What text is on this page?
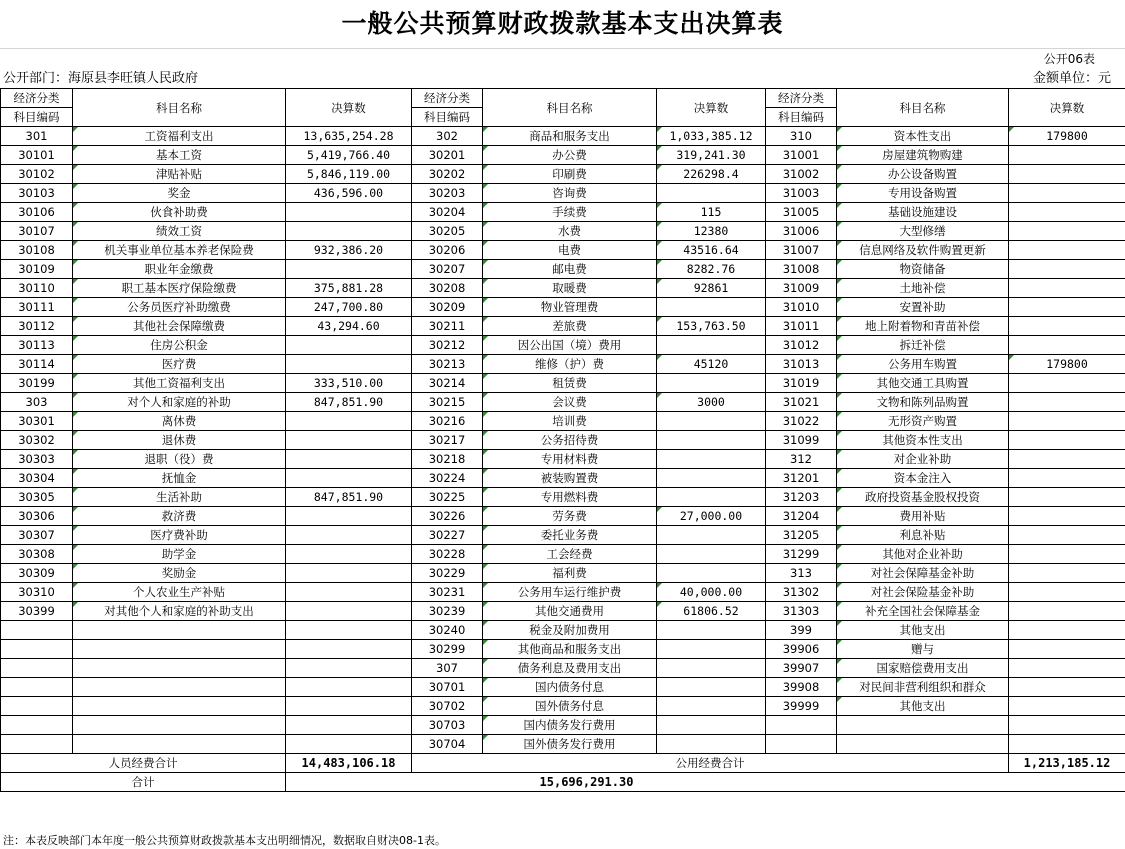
一般公共预算财政拨款基本支出决算表
公开06表
公开部门：海原县李旺镇人民政府	金额单位：元
经济分类	科目名称	决算数	经济分类	科目名称	决算数	经济分类	科目名称	决算数
科目编码			科目编码			科目编码		
301	工资福利支出	13,635,254.28	302	商品和服务支出	1,033,385.12	310	资本性支出	179800
30101	基本工资	5,419,766.40	30201	办公费	319,241.30	31001	房屋建筑物购建	
30102	津贴补贴	5,846,119.00	30202	印刷费	226298.4	31002	办公设备购置	
30103	奖金	436,596.00	30203	咨询费		31003	专用设备购置	
30106	伙食补助费		30204	手续费	115	31005	基础设施建设	
30107	绩效工资		30205	水费	12380	31006	大型修缮	
30108	机关事业单位基本养老保险费	932,386.20	30206	电费	43516.64	31007	信息网络及软件购置更新	
30109	职业年金缴费		30207	邮电费	8282.76	31008	物资储备	
30110	职工基本医疗保险缴费	375,881.28	30208	取暖费	92861	31009	土地补偿	
30111	公务员医疗补助缴费	247,700.80	30209	物业管理费		31010	安置补助	
30112	其他社会保障缴费	43,294.60	30211	差旅费	153,763.50	31011	地上附着物和青苗补偿	
30113	住房公积金		30212	因公出国（境）费用		31012	拆迁补偿	
30114	医疗费		30213	维修（护）费	45120	31013	公务用车购置	179800
30199	其他工资福利支出	333,510.00	30214	租赁费		31019	其他交通工具购置	
303	对个人和家庭的补助	847,851.90	30215	会议费	3000	31021	文物和陈列品购置	
30301	离休费		30216	培训费		31022	无形资产购置	
30302	退休费		30217	公务招待费		31099	其他资本性支出	
30303	退职（役）费		30218	专用材料费		312	对企业补助	
30304	抚恤金		30224	被装购置费		31201	资本金注入	
30305	生活补助	847,851.90	30225	专用燃料费		31203	政府投资基金股权投资	
30306	救济费		30226	劳务费	27,000.00	31204	费用补贴	
30307	医疗费补助		30227	委托业务费		31205	利息补贴	
30308	助学金		30228	工会经费		31299	其他对企业补助	
30309	奖励金		30229	福利费		313	对社会保障基金补助	
30310	个人农业生产补贴		30231	公务用车运行维护费	40,000.00	31302	对社会保险基金补助	
30399	对其他个人和家庭的补助支出		30239	其他交通费用	61806.52	31303	补充全国社会保障基金	
			30240	税金及附加费用		399	其他支出	
			30299	其他商品和服务支出		39906	赠与	
			307	债务利息及费用支出		39907	国家赔偿费用支出	
			30701	国内债务付息		39908	对民间非营利组织和群众	
			30702	国外债务付息		39999	其他支出	
			30703	国内债务发行费用				
			30704	国外债务发行费用				
人员经费合计		14,483,106.18	公用经费合计					1,213,185.12
合计		15,696,291.30						
注：本表反映部门本年度一般公共预算财政拨款基本支出明细情况，数据取自财决08-1表。
